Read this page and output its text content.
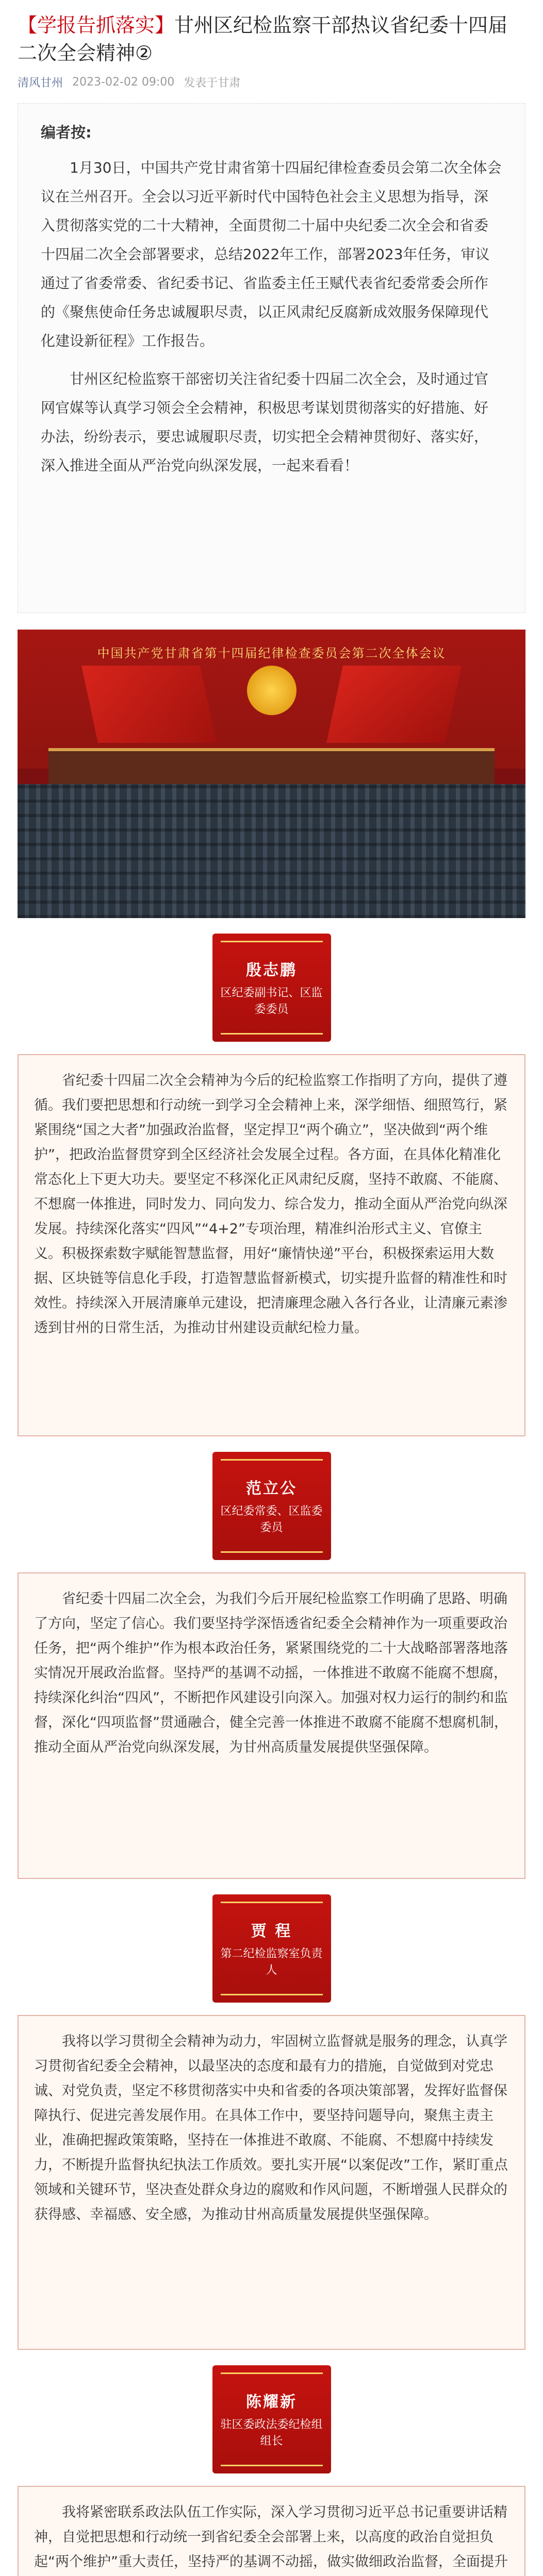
【学报告抓落实】甘州区纪检监察干部热议省纪委十四届二次全会精神②
清风甘州 2023-02-02 09:00 发表于甘肃
编者按:

1月30日，中国共产党甘肃省第十四届纪律检查委员会第二次全体会议在兰州召开。全会以习近平新时代中国特色社会主义思想为指导，深入贯彻落实党的二十大精神，全面贯彻二十届中央纪委二次全会和省委十四届二次全会部署要求，总结2022年工作，部署2023年任务，审议通过了省委常委、省纪委书记、省监委主任王赋代表省纪委常委会所作的《聚焦使命任务忠诚履职尽责，以正风肃纪反腐新成效服务保障现代化建设新征程》工作报告。

甘州区纪检监察干部密切关注省纪委十四届二次全会，及时通过官网官媒等认真学习领会全会精神，积极思考谋划贯彻落实的好措施、好办法，纷纷表示，要忠诚履职尽责，切实把全会精神贯彻好、落实好，深入推进全面从严治党向纵深发展，一起来看看！

中国共产党甘肃省第十四届纪律检查委员会第二次全体会议
殷志鹏
区纪委副书记、区监委委员

省纪委十四届二次全会精神为今后的纪检监察工作指明了方向，提供了遵循。我们要把思想和行动统一到学习全会精神上来，深学细悟、细照笃行，紧紧围绕“国之大者”加强政治监督，坚定捍卫“两个确立”，坚决做到“两个维护”，把政治监督贯穿到全区经济社会发展全过程。各方面，在具体化精准化常态化上下更大功夫。要坚定不移深化正风肃纪反腐，坚持不敢腐、不能腐、不想腐一体推进，同时发力、同向发力、综合发力，推动全面从严治党向纵深发展。持续深化落实“四风”“4+2”专项治理，精准纠治形式主义、官僚主义。积极探索数字赋能智慧监督，用好“廉情快递”平台，积极探索运用大数据、区块链等信息化手段，打造智慧监督新模式，切实提升监督的精准性和时效性。持续深入开展清廉单元建设，把清廉理念融入各行各业，让清廉元素渗透到甘州的日常生活，为推动甘州建设贡献纪检力量。

范立公
区纪委常委、区监委委员

省纪委十四届二次全会，为我们今后开展纪检监察工作明确了思路、明确了方向，坚定了信心。我们要坚持学深悟透省纪委全会精神作为一项重要政治任务，把“两个维护”作为根本政治任务，紧紧围绕党的二十大战略部署落地落实情况开展政治监督。坚持严的基调不动摇，一体推进不敢腐不能腐不想腐，持续深化纠治“四风”，不断把作风建设引向深入。加强对权力运行的制约和监督，深化“四项监督”贯通融合，健全完善一体推进不敢腐不能腐不想腐机制，推动全面从严治党向纵深发展，为甘州高质量发展提供坚强保障。

贾 程
第二纪检监察室负责人

我将以学习贯彻全会精神为动力，牢固树立监督就是服务的理念，认真学习贯彻省纪委全会精神，以最坚决的态度和最有力的措施，自觉做到对党忠诚、对党负责，坚定不移贯彻落实中央和省委的各项决策部署，发挥好监督保障执行、促进完善发展作用。在具体工作中，要坚持问题导向，聚焦主责主业，准确把握政策策略，坚持在一体推进不敢腐、不能腐、不想腐中持续发力，不断提升监督执纪执法工作质效。要扎实开展“以案促改”工作，紧盯重点领域和关键环节，坚决查处群众身边的腐败和作风问题，不断增强人民群众的获得感、幸福感、安全感，为推动甘州高质量发展提供坚强保障。

陈耀新
驻区委政法委纪检组组长

我将紧密联系政法队伍工作实际，深入学习贯彻习近平总书记重要讲话精神，自觉把思想和行动统一到省纪委全会部署上来，以高度的政治自觉担负起“两个维护”重大责任，坚持严的基调不动摇，做实做细政治监督，全面提升
